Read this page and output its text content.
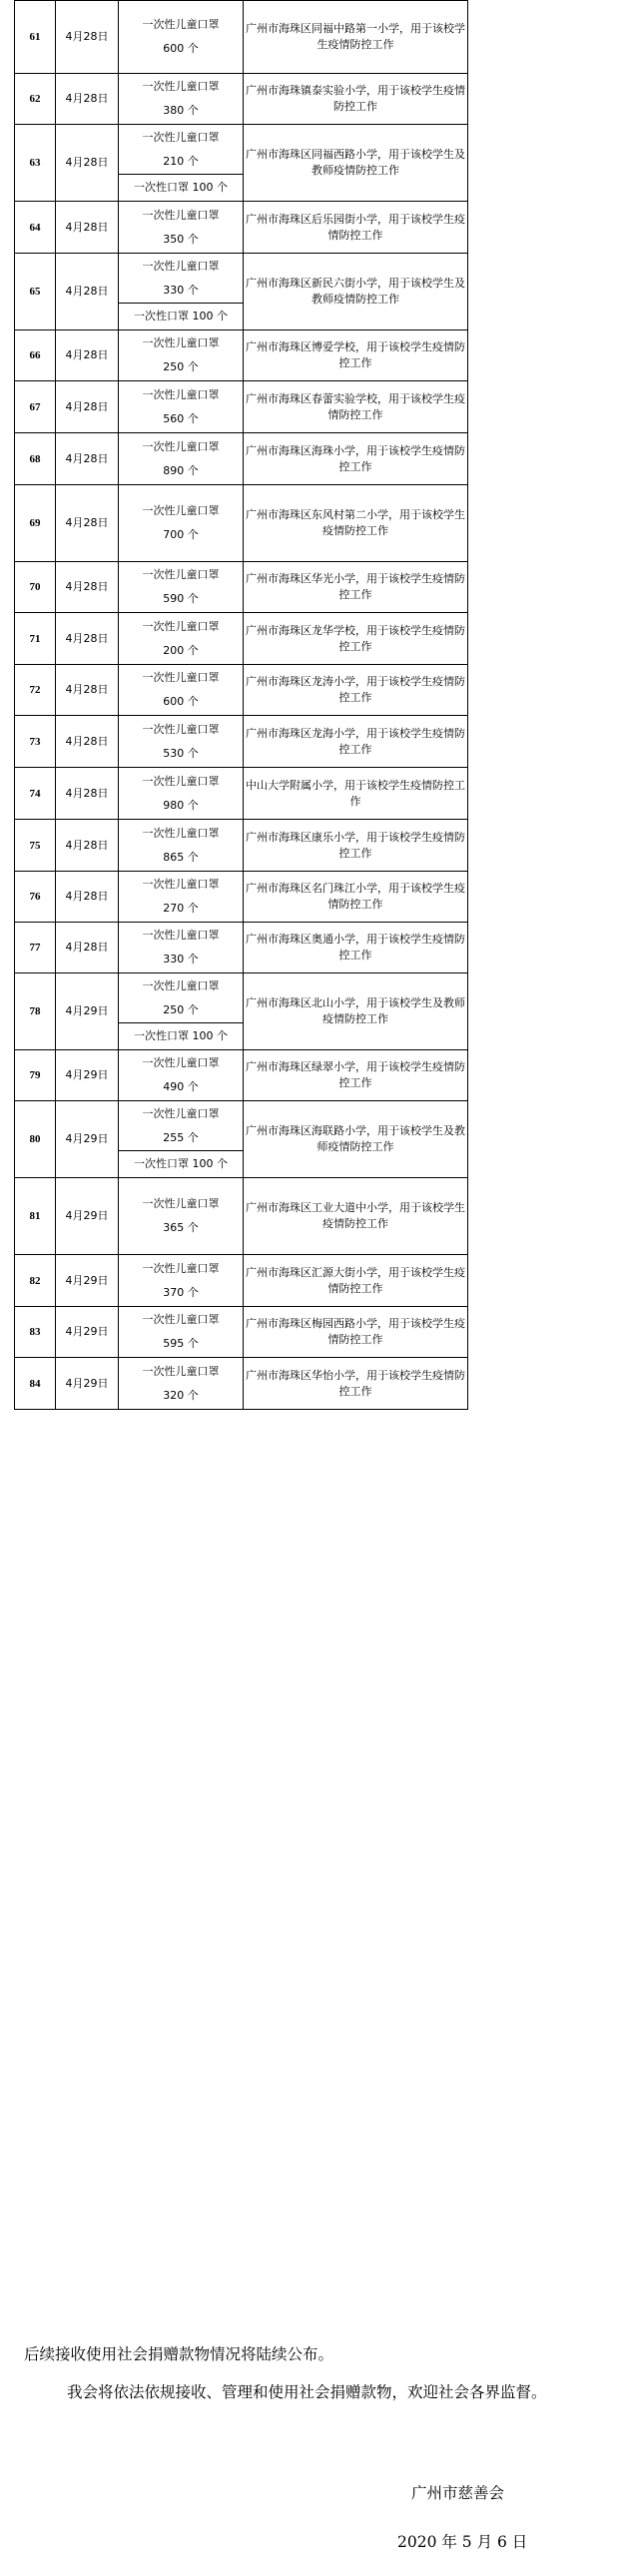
61	4月28日	一次性儿童口罩
600 个	广州市海珠区同福中路第一小学，用于该校学生疫情防控工作
62	4月28日	一次性儿童口罩
380 个	广州市海珠镇泰实验小学，用于该校学生疫情防控工作
63	4月28日	一次性儿童口罩
210 个	广州市海珠区同福西路小学，用于该校学生及教师疫情防控工作
		一次性口罩 100 个	
64	4月28日	一次性儿童口罩
350 个	广州市海珠区后乐园街小学，用于该校学生疫情防控工作
65	4月28日	一次性儿童口罩
330 个	广州市海珠区新民六街小学，用于该校学生及教师疫情防控工作
		一次性口罩 100 个	
66	4月28日	一次性儿童口罩
250 个	广州市海珠区博爱学校，用于该校学生疫情防控工作
67	4月28日	一次性儿童口罩
560 个	广州市海珠区春蕾实验学校，用于该校学生疫情防控工作
68	4月28日	一次性儿童口罩
890 个	广州市海珠区海珠小学，用于该校学生疫情防控工作
69	4月28日	一次性儿童口罩
700 个	广州市海珠区东风村第二小学，用于该校学生疫情防控工作
70	4月28日	一次性儿童口罩
590 个	广州市海珠区华光小学，用于该校学生疫情防控工作
71	4月28日	一次性儿童口罩
200 个	广州市海珠区龙华学校，用于该校学生疫情防控工作
72	4月28日	一次性儿童口罩
600 个	广州市海珠区龙涛小学，用于该校学生疫情防控工作
73	4月28日	一次性儿童口罩
530 个	广州市海珠区龙海小学，用于该校学生疫情防控工作
74	4月28日	一次性儿童口罩
980 个	中山大学附属小学，用于该校学生疫情防控工作
75	4月28日	一次性儿童口罩
865 个	广州市海珠区康乐小学，用于该校学生疫情防控工作
76	4月28日	一次性儿童口罩
270 个	广州市海珠区名门珠江小学，用于该校学生疫情防控工作
77	4月28日	一次性儿童口罩
330 个	广州市海珠区奥通小学，用于该校学生疫情防控工作
78	4月29日	一次性儿童口罩
250 个	广州市海珠区北山小学，用于该校学生及教师疫情防控工作
		一次性口罩 100 个	
79	4月29日	一次性儿童口罩
490 个	广州市海珠区绿翠小学，用于该校学生疫情防控工作
80	4月29日	一次性儿童口罩
255 个	广州市海珠区海联路小学，用于该校学生及教师疫情防控工作
		一次性口罩 100 个	
81	4月29日	一次性儿童口罩
365 个	广州市海珠区工业大道中小学，用于该校学生疫情防控工作
82	4月29日	一次性儿童口罩
370 个	广州市海珠区汇源大街小学，用于该校学生疫情防控工作
83	4月29日	一次性儿童口罩
595 个	广州市海珠区梅园西路小学，用于该校学生疫情防控工作
84	4月29日	一次性儿童口罩
320 个	广州市海珠区华怡小学，用于该校学生疫情防控工作
后续接收使用社会捐赠款物情况将陆续公布。
我会将依法依规接收、管理和使用社会捐赠款物，欢迎社会各界监督。
广州市慈善会
2020 年 5 月 6 日
